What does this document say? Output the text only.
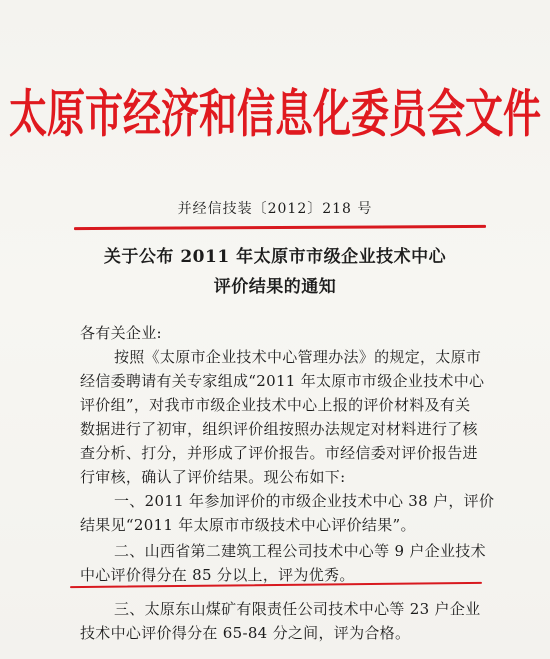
太原市经济和信息化委员会文件
并经信技装〔2012〕218 号
关于公布 2011 年太原市市级企业技术中心
评价结果的通知
各有关企业:
按照《太原市企业技术中心管理办法》的规定，太原市
经信委聘请有关专家组成“2011 年太原市市级企业技术中心
评价组”，对我市市级企业技术中心上报的评价材料及有关
数据进行了初审，组织评价组按照办法规定对材料进行了核
查分析、打分，并形成了评价报告。市经信委对评价报告进
行审核，确认了评价结果。现公布如下:
一、2011 年参加评价的市级企业技术中心 38 户，评价
结果见“2011 年太原市市级技术中心评价结果”。
二、山西省第二建筑工程公司技术中心等 9 户企业技术
中心评价得分在 85 分以上，评为优秀。
三、太原东山煤矿有限责任公司技术中心等 23 户企业
技术中心评价得分在 65-84 分之间，评为合格。
